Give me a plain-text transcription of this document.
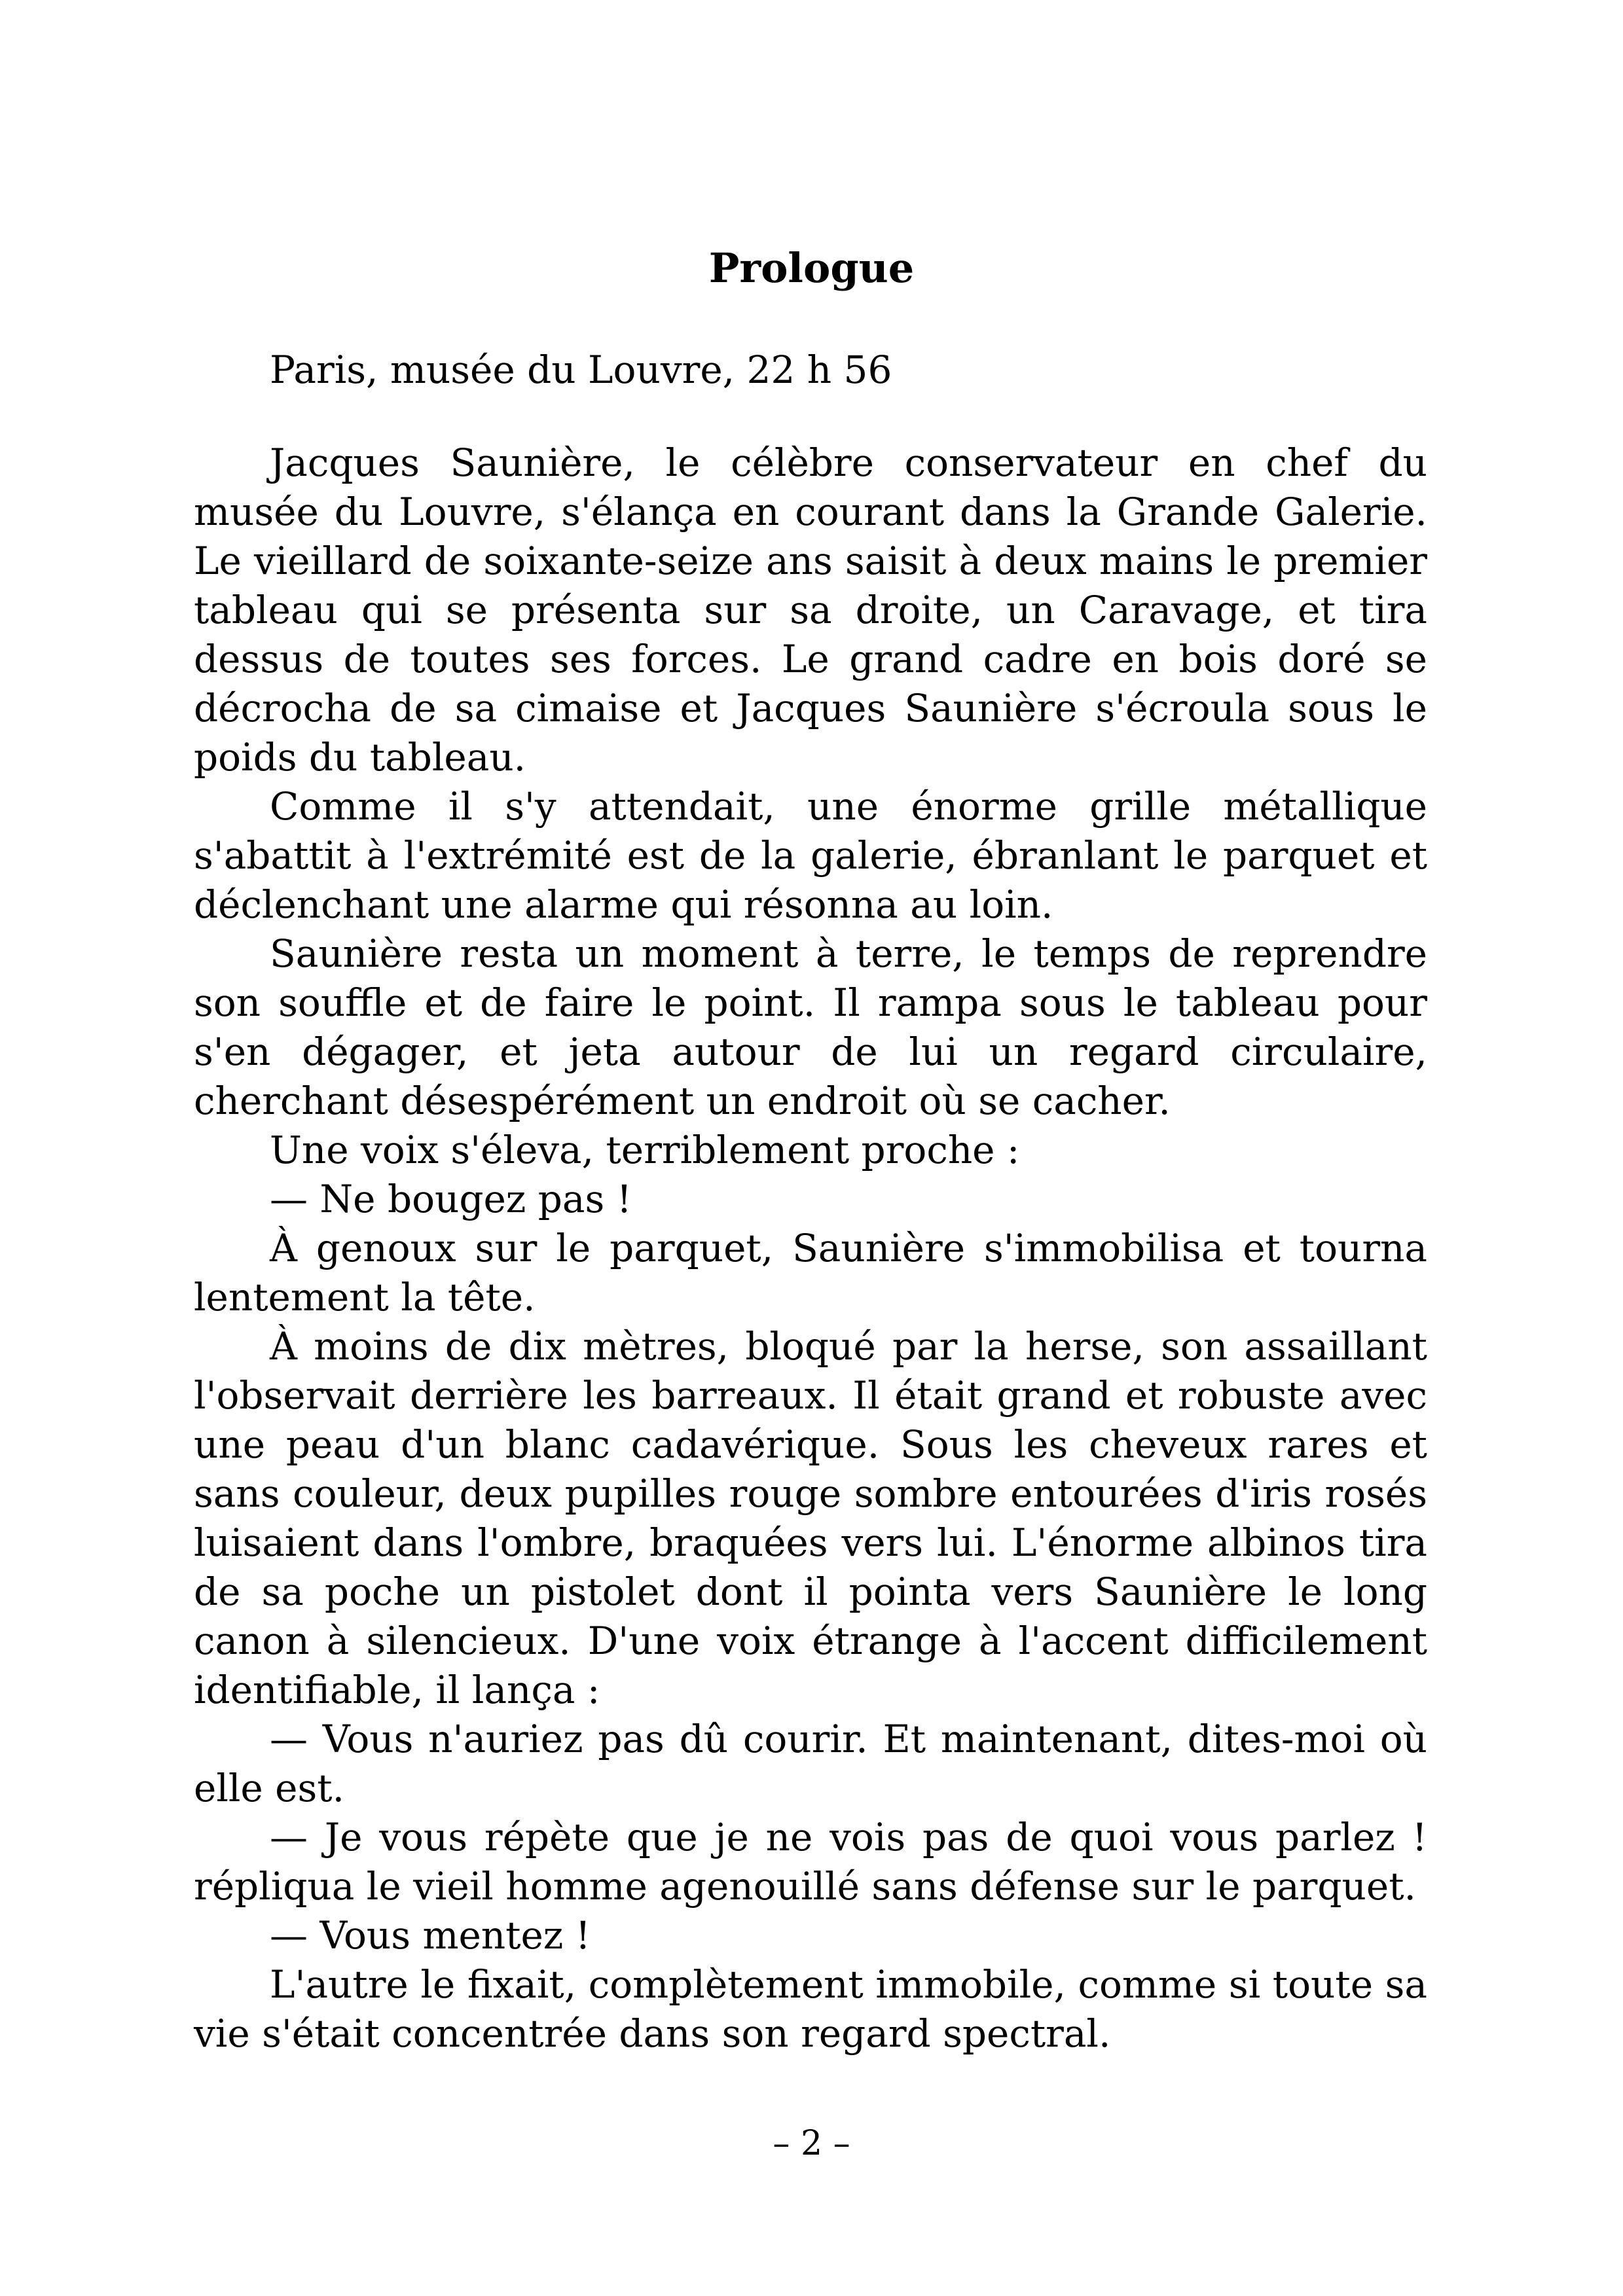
Prologue

Paris, musée du Louvre, 22 h 56

Jacques Saunière, le célèbre conservateur en chef du musée du Louvre, s'élança en courant dans la Grande Galerie. Le vieillard de soixante-seize ans saisit à deux mains le premier tableau qui se présenta sur sa droite, un Caravage, et tira dessus de toutes ses forces. Le grand cadre en bois doré se décrocha de sa cimaise et Jacques Saunière s'écroula sous le poids du tableau.

Comme il s'y attendait, une énorme grille métallique s'abattit à l'extrémité est de la galerie, ébranlant le parquet et déclenchant une alarme qui résonna au loin.

Saunière resta un moment à terre, le temps de reprendre son souffle et de faire le point. Il rampa sous le tableau pour s'en dégager, et jeta autour de lui un regard circulaire, cherchant désespérément un endroit où se cacher.

Une voix s'éleva, terriblement proche :

— Ne bougez pas !

À genoux sur le parquet, Saunière s'immobilisa et tourna lentement la tête.

À moins de dix mètres, bloqué par la herse, son assaillant l'observait derrière les barreaux. Il était grand et robuste avec une peau d'un blanc cadavérique. Sous les cheveux rares et sans couleur, deux pupilles rouge sombre entourées d'iris rosés luisaient dans l'ombre, braquées vers lui. L'énorme albinos tira de sa poche un pistolet dont il pointa vers Saunière le long canon à silencieux. D'une voix étrange à l'accent difficilement identifiable, il lança :

— Vous n'auriez pas dû courir. Et maintenant, dites-moi où elle est.

— Je vous répète que je ne vois pas de quoi vous parlez ! répliqua le vieil homme agenouillé sans défense sur le parquet.

— Vous mentez !

L'autre le fixait, complètement immobile, comme si toute sa vie s'était concentrée dans son regard spectral.

– 2 –
